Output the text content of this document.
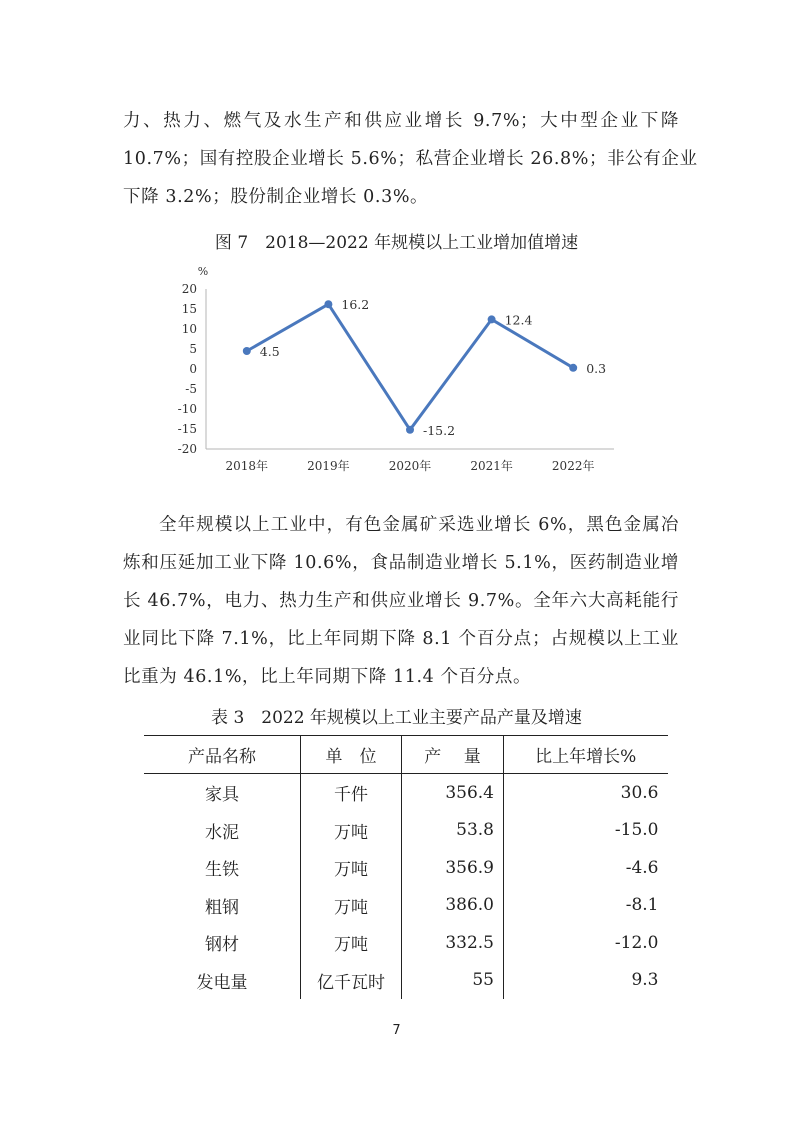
力、热力、燃气及水生产和供应业增长 9.7%；大中型企业下降
10.7%；国有控股企业增长 5.6%；私营企业增长 26.8%；非公有企业
下降 3.2%；股份制企业增长 0.3%。

图 7　2018—2022 年规模以上工业增加值增速

%
20
15
10
5
0
-5
-10
-15
-20
2018年	2019年	2020年	2021年	2022年
4.5
16.2
-15.2
12.4
0.3
全年规模以上工业中，有色金属矿采选业增长 6%，黑色金属冶
炼和压延加工业下降 10.6%，食品制造业增长 5.1%，医药制造业增
长 46.7%，电力、热力生产和供应业增长 9.7%。全年六大高耗能行
业同比下降 7.1%，比上年同期下降 8.1 个百分点；占规模以上工业
比重为 46.1%，比上年同期下降 11.4 个百分点。

表 3　2022 年规模以上工业主要产品产量及增速

产品名称	单　位	产　 量	比上年增长%
家具	千件	356.4	30.6
水泥	万吨	53.8	-15.0
生铁	万吨	356.9	-4.6
粗钢	万吨	386.0	-8.1
钢材	万吨	332.5	-12.0
发电量	亿千瓦时	55	9.3
7
